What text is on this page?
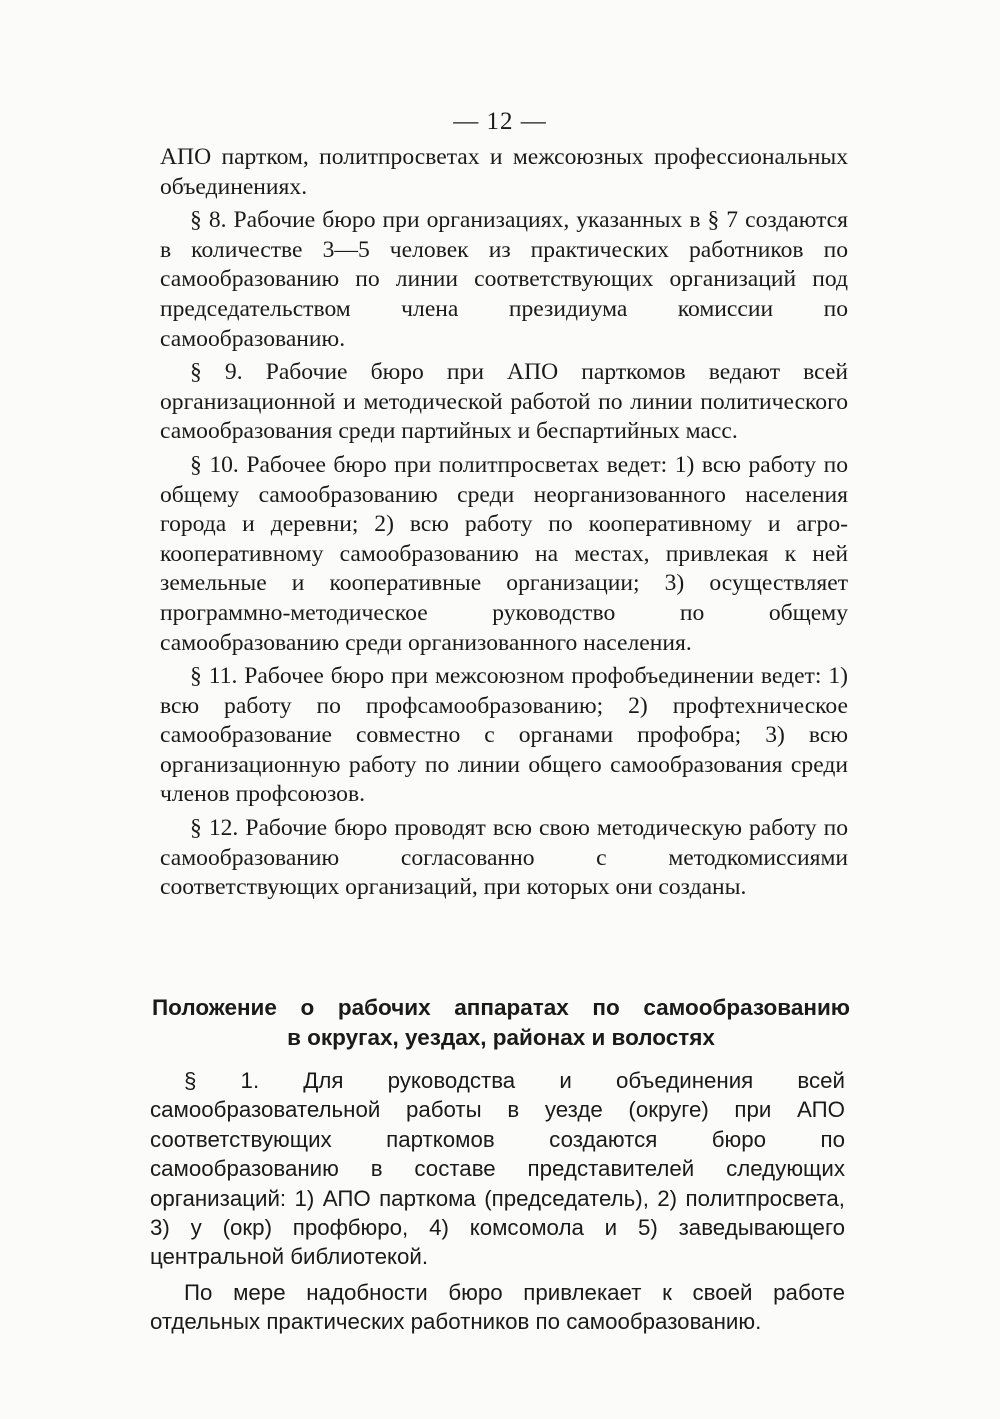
— 12 —

АПО партком, политпросветах и межсоюзных профессиональных объединениях.

§ 8. Рабочие бюро при организациях, указанных в § 7 создаются в количестве 3—5 человек из практических работников по самообразованию по линии соответствующих организаций под председательством члена президиума комиссии по самообразованию.

§ 9. Рабочие бюро при АПО парткомов ведают всей организационной и методической работой по линии политического самообразования среди партийных и беспартийных масс.

§ 10. Рабочее бюро при политпросветах ведет: 1) всю работу по общему самообразованию среди неорганизованного населения города и деревни; 2) всю работу по кооперативному и агро-кооперативному самообразованию на местах, привлекая к ней земельные и кооперативные организации; 3) осуществляет программно-методическое руководство по общему самообразованию среди организованного населения.

§ 11. Рабочее бюро при межсоюзном профобъединении ведет: 1) всю работу по профсамообразованию; 2) профтехническое самообразование совместно с органами профобра; 3) всю организационную работу по линии общего самообразования среди членов профсоюзов.

§ 12. Рабочие бюро проводят всю свою методическую работу по самообразованию согласованно с методкомиссиями соответствующих организаций, при которых они созданы.

Положение о рабочих аппаратах по самообразованию
в округах, уездах, районах и волостях

§ 1. Для руководства и объединения всей самообразовательной работы в уезде (округе) при АПО соответствующих парткомов создаются бюро по самообразованию в составе представителей следующих организаций: 1) АПО парткома (председатель), 2) политпросвета, 3) у (окр) профбюро, 4) комсомола и 5) заведывающего центральной библиотекой.

По мере надобности бюро привлекает к своей работе отдельных практических работников по самообразованию.
